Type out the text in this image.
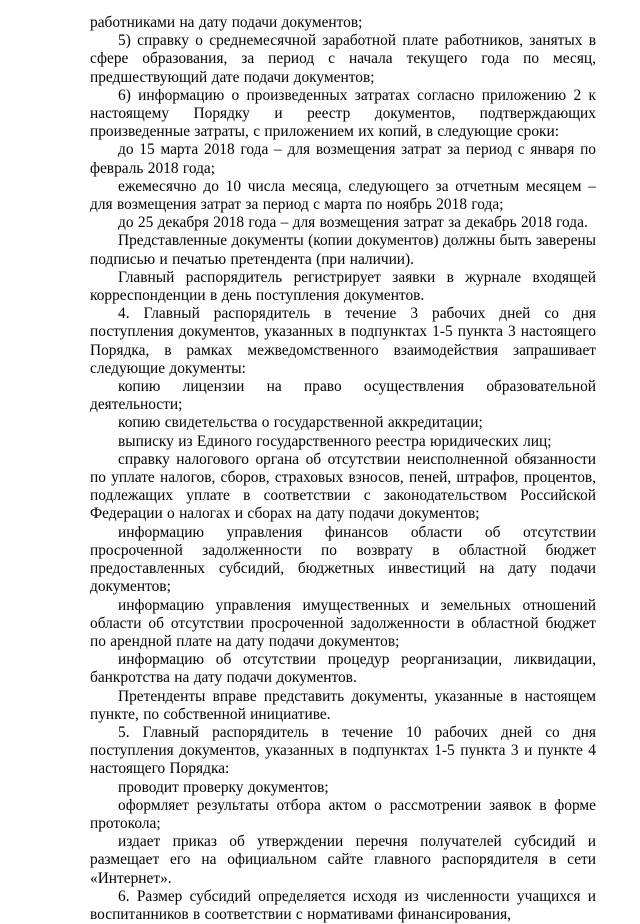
работниками на дату подачи документов;

5) справку о среднемесячной заработной плате работников, занятых в сфере образования, за период с начала текущего года по месяц, предшествующий дате подачи документов;

6) информацию о произведенных затратах согласно приложению 2 к настоящему Порядку и реестр документов, подтверждающих произведенные затраты, с приложением их копий, в следующие сроки:

до 15 марта 2018 года – для возмещения затрат за период с января по февраль 2018 года;

ежемесячно до 10 числа месяца, следующего за отчетным месяцем – для возмещения затрат за период с марта по ноябрь 2018 года;

до 25 декабря 2018 года – для возмещения затрат за декабрь 2018 года.

Представленные документы (копии документов) должны быть заверены подписью и печатью претендента (при наличии).

Главный распорядитель регистрирует заявки в журнале входящей корреспонденции в день поступления документов.

4. Главный распорядитель в течение 3 рабочих дней со дня поступления документов, указанных в подпунктах 1-5 пункта 3 настоящего Порядка, в рамках межведомственного взаимодействия запрашивает следующие документы:

копию лицензии на право осуществления образовательной деятельности;

копию свидетельства о государственной аккредитации;

выписку из Единого государственного реестра юридических лиц;

справку налогового органа об отсутствии неисполненной обязанности по уплате налогов, сборов, страховых взносов, пеней, штрафов, процентов, подлежащих уплате в соответствии с законодательством Российской Федерации о налогах и сборах на дату подачи документов;

информацию управления финансов области об отсутствии просроченной задолженности по возврату в областной бюджет предоставленных субсидий, бюджетных инвестиций на дату подачи документов;

информацию управления имущественных и земельных отношений области об отсутствии просроченной задолженности в областной бюджет по арендной плате на дату подачи документов;

информацию об отсутствии процедур реорганизации, ликвидации, банкротства на дату подачи документов.

Претенденты вправе представить документы, указанные в настоящем пункте, по собственной инициативе.

5. Главный распорядитель в течение 10 рабочих дней со дня поступления документов, указанных в подпунктах 1-5 пункта 3 и пункте 4 настоящего Порядка:

проводит проверку документов;

оформляет результаты отбора актом о рассмотрении заявок в форме протокола;

издает приказ об утверждении перечня получателей субсидий и размещает его на официальном сайте главного распорядителя в сети «Интернет».

6. Размер субсидий определяется исходя из численности учащихся и воспитанников в соответствии с нормативами финансирования,
